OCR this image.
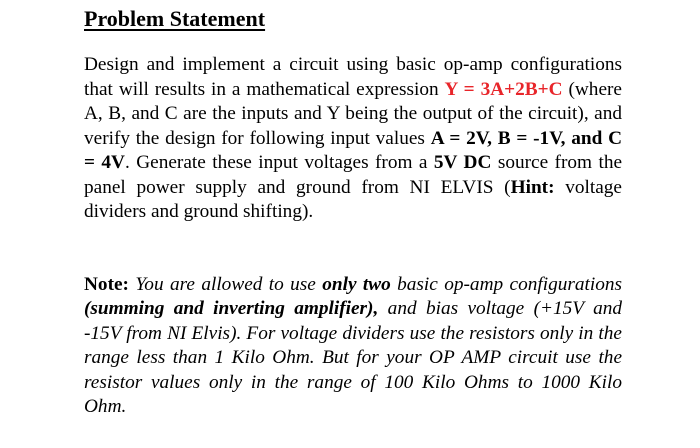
Problem Statement

Design and implement a circuit using basic op-amp configurations that will results in a mathematical expression Y = 3A+2B+C (where A, B, and C are the inputs and Y being the output of the circuit), and verify the design for following input values A = 2V, B = -1V, and C = 4V. Generate these input voltages from a 5V DC source from the panel power supply and ground from NI ELVIS (Hint: voltage dividers and ground shifting).

Note: You are allowed to use only two basic op-amp configurations (summing and inverting amplifier), and bias voltage (+15V and -15V from NI Elvis). For voltage dividers use the resistors only in the range less than 1 Kilo Ohm. But for your OP AMP circuit use the resistor values only in the range of 100 Kilo Ohms to 1000 Kilo Ohm.
